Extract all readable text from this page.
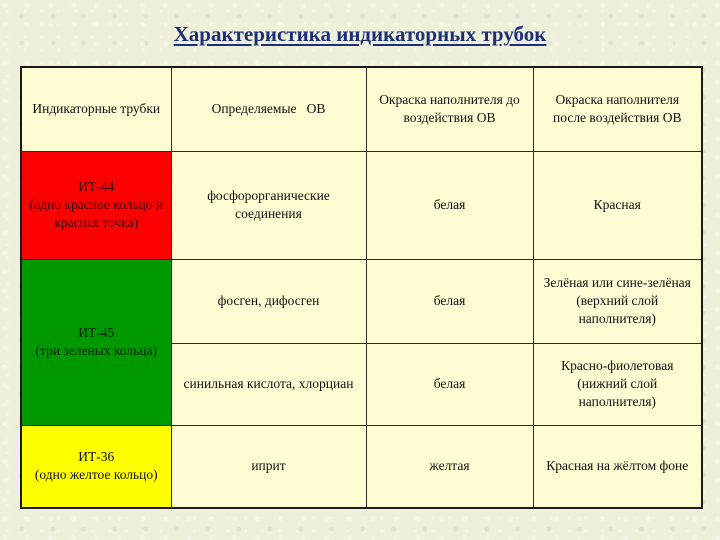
Характеристика индикаторных трубок
Индикаторные трубки	Определяемые   ОВ	Окраска наполнителя до воздействия ОВ	Окраска наполнителя после воздействия ОВ

ИТ-44
(одно красное кольцо и красная точка)	фосфорорганические соединения	белая	Красная

ИТ-45
(три зеленых кольца)	фосген, дифосген	белая	Зелёная или сине-зелёная (верхний слой наполнителя)
	синильная кислота, хлорциан	белая	Красно-фиолетовая (нижний слой наполнителя)

ИТ-36
(одно желтое кольцо)	иприт	желтая	Красная на жёлтом фоне
